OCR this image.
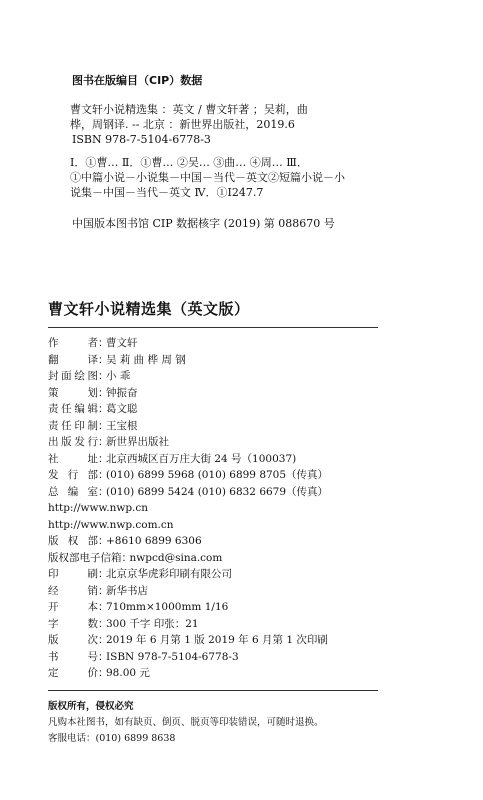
图书在版编目（CIP）数据
曹文轩小说精选集 ：英文 / 曹文轩著 ；吴莉，曲
桦，周钢译. -- 北京 ：新世界出版社，2019.6
ISBN 978-7-5104-6778-3
Ⅰ．①曹… Ⅱ．①曹… ②吴… ③曲… ④周… Ⅲ．
①中篇小说－小说集－中国－当代－英文②短篇小说－小
说集－中国－当代－英文 Ⅳ．①I247.7
中国版本图书馆 CIP 数据核字 (2019) 第 088670 号
曹文轩小说精选集（英文版）
作者 ：
曹文轩
翻译 ：
吴 莉 曲 桦 周 钢
封面绘图 ：
小 乖
策划 ：
钟振奋
责任编辑 ：
葛文聪
责任印制 ：
王宝根
出版发行 ：
新世界出版社
社址 ：
北京西城区百万庄大街 24 号（100037)
发行部 ：
(010) 6899 5968 (010) 6899 8705（传真）
总编室 ：
(010) 6899 5424 (010) 6832 6679（传真）
http://www.nwp.cn
http://www.nwp.com.cn
版权部 ：
+8610 6899 6306
版权部电子信箱 ：
nwpcd@sina.com
印刷 ：
北京京华虎彩印刷有限公司
经销 ：
新华书店
开本 ：
710mm×1000mm 1/16
字数 ：
300 千字 印张：21
版次 ：
2019 年 6 月第 1 版 2019 年 6 月第 1 次印刷
书号 ：
ISBN 978-7-5104-6778-3
定价 ：
98.00 元
版权所有，侵权必究
凡购本社图书，如有缺页、倒页、脱页等印装错误，可随时退换。
客服电话：(010) 6899 8638
